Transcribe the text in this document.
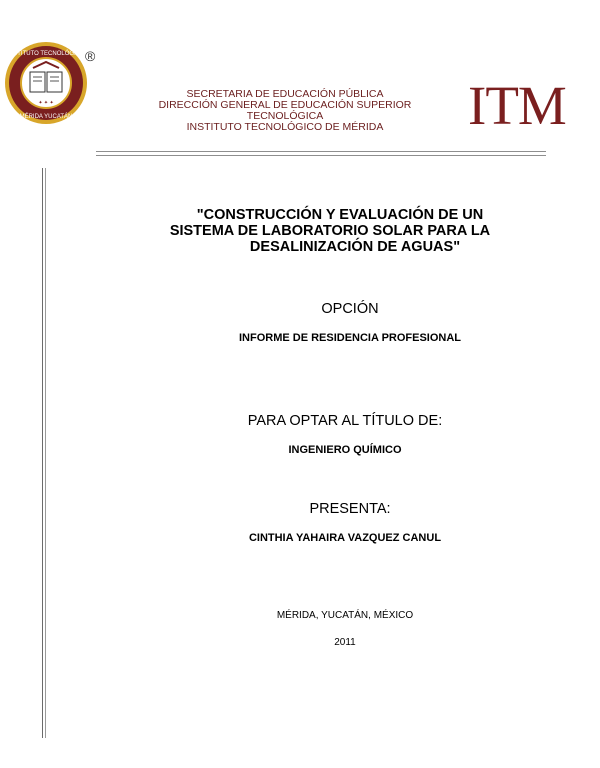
✦ ✦ ✦
INSTITUTO TECNOLÓGICO
MÉRIDA YUCATÁN
®
SECRETARIA DE EDUCACIÓN PÚBLICA
DIRECCIÓN GENERAL DE EDUCACIÓN SUPERIOR
TECNOLÓGICA
INSTITUTO TECNOLÓGICO DE MÉRIDA	ITM
"CONSTRUCCIÓN Y EVALUACIÓN DE UN
SISTEMA DE LABORATORIO SOLAR PARA LA
DESALINIZACIÓN DE AGUAS"
OPCIÓN
INFORME DE RESIDENCIA PROFESIONAL
PARA OPTAR AL TÍTULO DE:
INGENIERO QUÍMICO
PRESENTA:
CINTHIA YAHAIRA VAZQUEZ CANUL
MÉRIDA, YUCATÁN, MÉXICO
2011
